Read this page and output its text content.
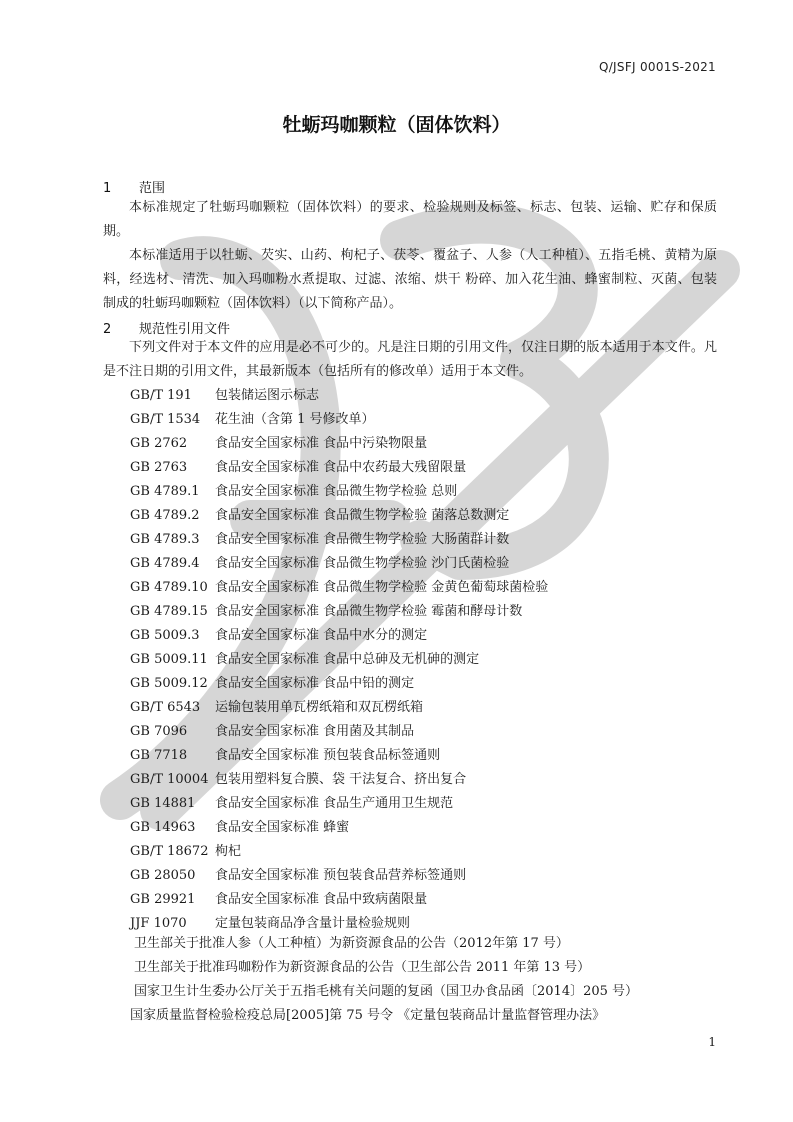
Q/JSFJ 0001S-2021
牡蛎玛咖颗粒（固体饮料）
1 范围

本标准规定了牡蛎玛咖颗粒（固体饮料）的要求、检验规则及标签、标志、包装、运输、贮存和保质期。

本标准适用于以牡蛎、芡实、山药、枸杞子、茯苓、覆盆子、人参（人工种植）、五指毛桃、黄精为原料，经选材、清洗、加入玛咖粉水煮提取、过滤、浓缩、烘干 粉碎、加入花生油、蜂蜜制粒、灭菌、包装制成的牡蛎玛咖颗粒（固体饮料）（以下简称产品）。

2 规范性引用文件

下列文件对于本文件的应用是必不可少的。凡是注日期的引用文件，仅注日期的版本适用于本文件。凡是不注日期的引用文件，其最新版本（包括所有的修改单）适用于本文件。

GB/T 191 包装储运图示标志
GB/T 1534 花生油（含第 1 号修改单）
GB 2762 食品安全国家标准 食品中污染物限量
GB 2763 食品安全国家标准 食品中农药最大残留限量
GB 4789.1 食品安全国家标准 食品微生物学检验 总则
GB 4789.2 食品安全国家标准 食品微生物学检验 菌落总数测定
GB 4789.3 食品安全国家标准 食品微生物学检验 大肠菌群计数
GB 4789.4 食品安全国家标准 食品微生物学检验 沙门氏菌检验
GB 4789.10 食品安全国家标准 食品微生物学检验 金黄色葡萄球菌检验
GB 4789.15 食品安全国家标准 食品微生物学检验 霉菌和酵母计数
GB 5009.3 食品安全国家标准 食品中水分的测定
GB 5009.11 食品安全国家标准 食品中总砷及无机砷的测定
GB 5009.12 食品安全国家标准 食品中铅的测定
GB/T 6543 运输包装用单瓦楞纸箱和双瓦楞纸箱
GB 7096 食品安全国家标准 食用菌及其制品
GB 7718 食品安全国家标准 预包装食品标签通则
GB/T 10004 包装用塑料复合膜、袋 干法复合、挤出复合
GB 14881 食品安全国家标准 食品生产通用卫生规范
GB 14963 食品安全国家标准 蜂蜜
GB/T 18672 枸杞
GB 28050 食品安全国家标准 预包装食品营养标签通则
GB 29921 食品安全国家标准 食品中致病菌限量
JJF 1070 定量包装商品净含量计量检验规则
卫生部关于批准人参（人工种植）为新资源食品的公告（2012年第 17 号）
卫生部关于批准玛咖粉作为新资源食品的公告（卫生部公告 2011 年第 13 号）
国家卫生计生委办公厅关于五指毛桃有关问题的复函（国卫办食品函〔2014〕205 号）
国家质量监督检验检疫总局[2005]第 75 号令 《定量包装商品计量监督管理办法》
1
